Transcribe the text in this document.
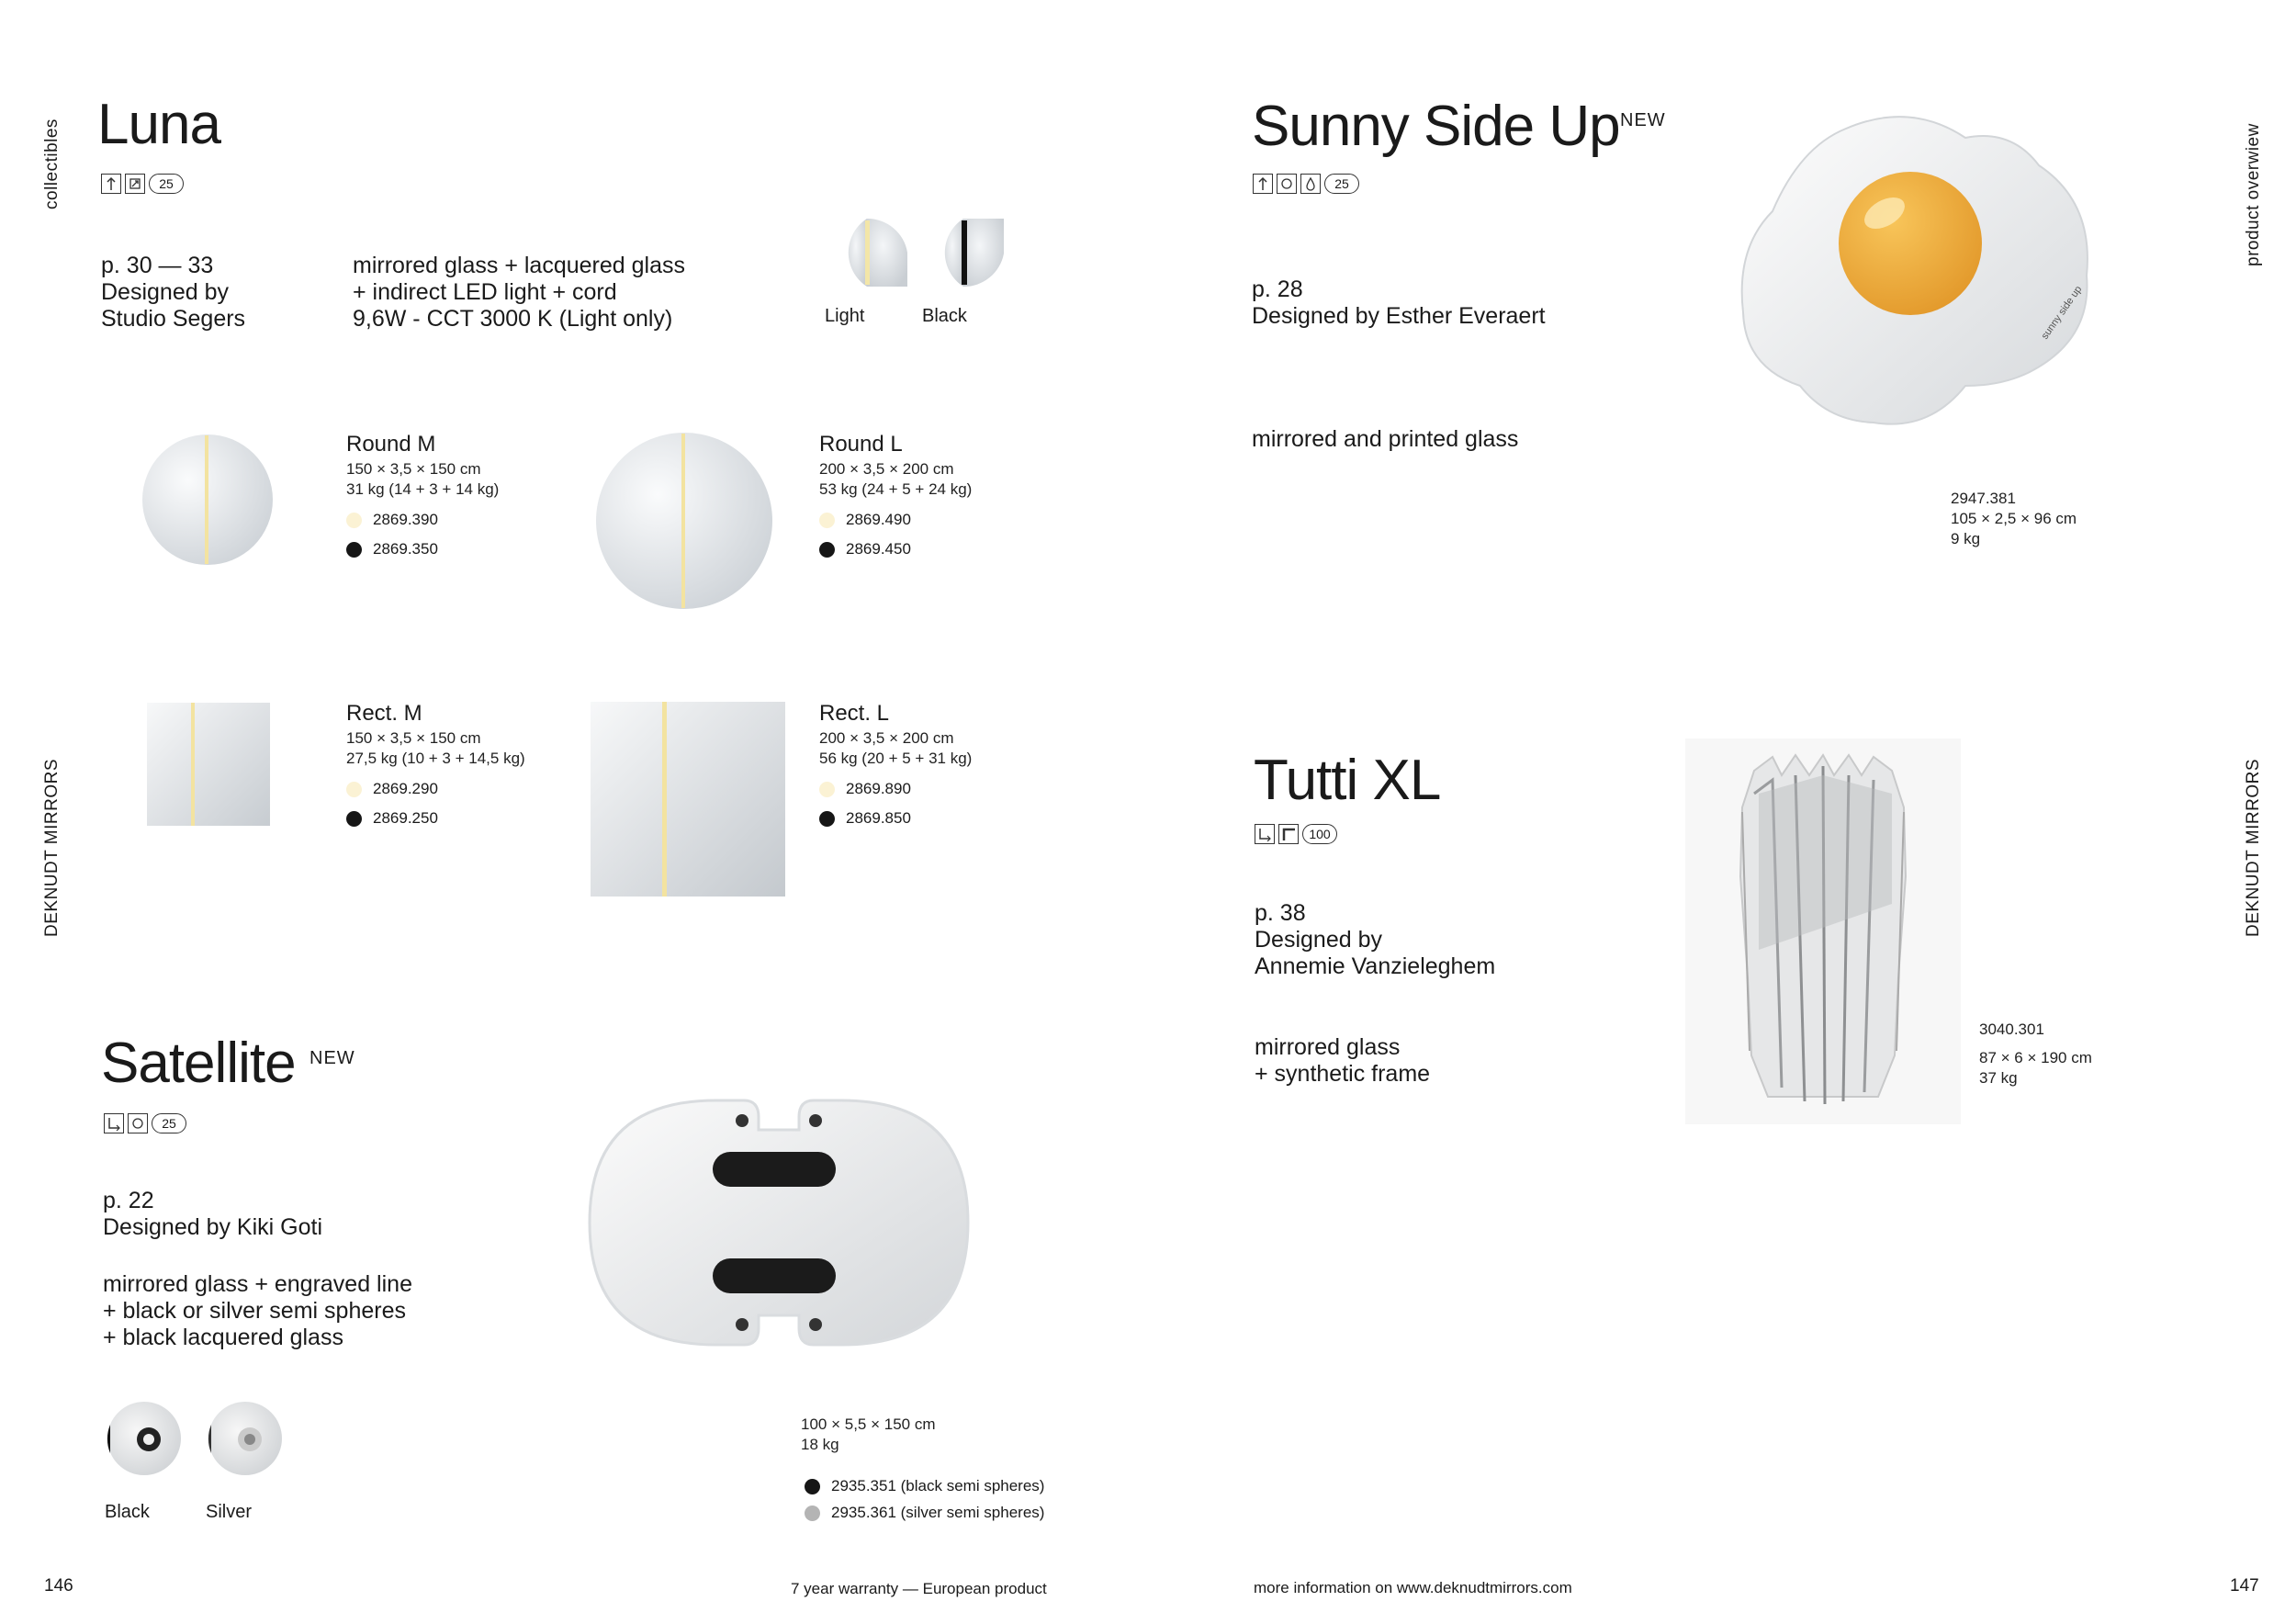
collectibles
DEKNUDT MIRRORS
product overwiew
DEKNUDT MIRRORS
Luna
25
p. 30 — 33
Designed by
Studio Segers
mirrored glass + lacquered glass
+ indirect LED light + cord
9,6W - CCT 3000 K (Light only)	Light	Black
Round M
150 × 3,5 × 150 cm
31 kg (14 + 3 + 14 kg)
2869.390
2869.350
Round L
200 × 3,5 × 200 cm
53 kg (24 + 5 + 24 kg)
2869.490
2869.450
Rect. M
150 × 3,5 × 150 cm
27,5 kg (10 + 3 + 14,5 kg)
2869.290
2869.250
Rect. L
200 × 3,5 × 200 cm
56 kg (20 + 5 + 31 kg)
2869.890
2869.850
Satellite NEW
25
p. 22
Designed by Kiki Goti
mirrored glass + engraved line
+ black or silver semi spheres
+ black lacquered glass
Black	Silver
100 × 5,5 × 150 cm
18 kg
2935.351 (black semi spheres)
2935.361 (silver semi spheres)
Sunny Side Up NEW
25
p. 28
Designed by Esther Everaert
mirrored and printed glass
sunny side up
2947.381
105 × 2,5 × 96 cm
9 kg
Tutti XL
100
p. 38
Designed by
Annemie Vanzieleghem
mirrored glass
+ synthetic frame
3040.301
87 × 6 × 190 cm
37 kg
146	7 year warranty — European product	more information on www.deknudtmirrors.com	147
